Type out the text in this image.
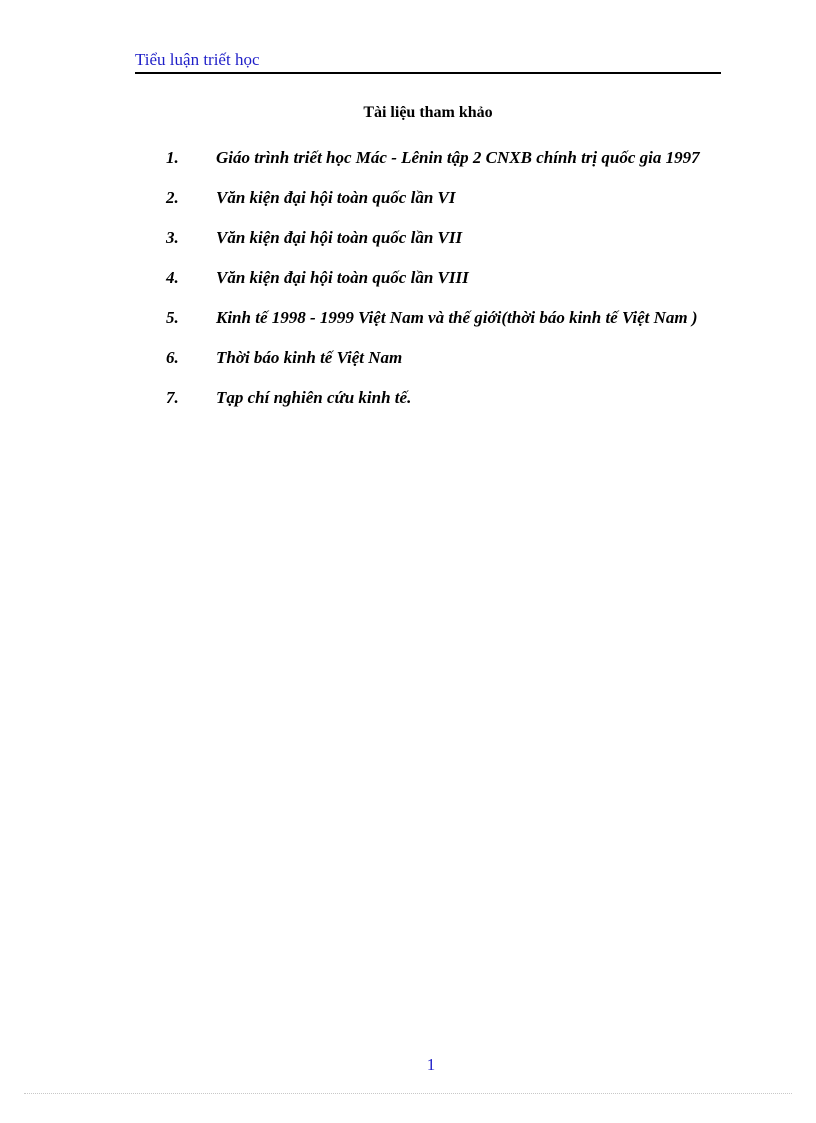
Tiểu luận triết học
Tài liệu tham khảo
1.	Giáo trình triết học Mác - Lênin tập 2 CNXB chính trị quốc gia 1997
2.	Văn kiện đại hội toàn quốc lần VI
3.	Văn kiện đại hội toàn quốc lần VII
4.	Văn kiện đại hội toàn quốc lần VIII
5.	Kinh tế 1998 - 1999 Việt Nam và thế giới(thời báo kinh tế Việt Nam )
6.	Thời báo kinh tế Việt Nam
7.	Tạp chí nghiên cứu kinh tế.
1
